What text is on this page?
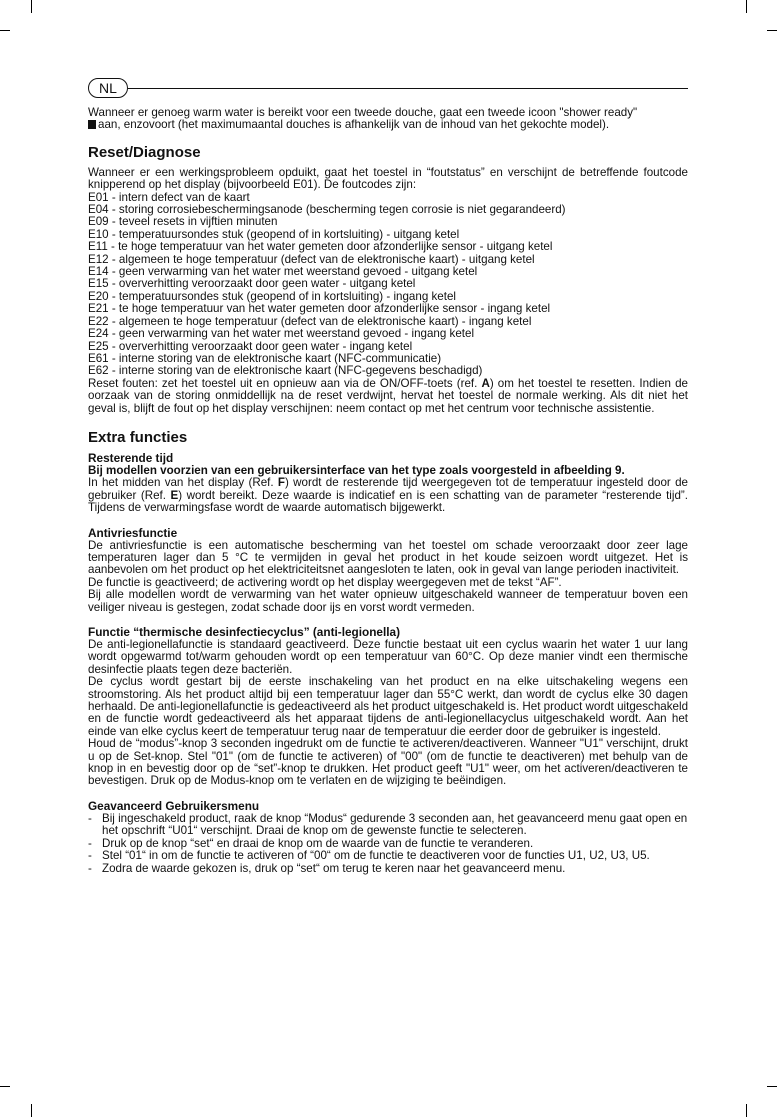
NL

Wanneer er genoeg warm water is bereikt voor een tweede douche, gaat een tweede icoon "shower ready"
aan, enzovoort (het maximumaantal douches is afhankelijk van de inhoud van het gekochte model).

Reset/Diagnose

Wanneer er een werkingsprobleem opduikt, gaat het toestel in “foutstatus” en verschijnt de betreffende foutcode knipperend op het display (bijvoorbeeld E01). De foutcodes zijn:

E01 - intern defect van de kaart
E04 - storing corrosiebeschermingsanode (bescherming tegen corrosie is niet gegarandeerd)
E09 - teveel resets in vijftien minuten
E10 - temperatuursondes stuk (geopend of in kortsluiting) - uitgang ketel
E11 - te hoge temperatuur van het water gemeten door afzonderlijke sensor - uitgang ketel
E12 - algemeen te hoge temperatuur (defect van de elektronische kaart) - uitgang ketel
E14 - geen verwarming van het water met weerstand gevoed - uitgang ketel
E15 - oververhitting veroorzaakt door geen water - uitgang ketel
E20 - temperatuursondes stuk (geopend of in kortsluiting) - ingang ketel
E21 - te hoge temperatuur van het water gemeten door afzonderlijke sensor - ingang ketel
E22 - algemeen te hoge temperatuur (defect van de elektronische kaart) - ingang ketel
E24 - geen verwarming van het water met weerstand gevoed - ingang ketel
E25 - oververhitting veroorzaakt door geen water - ingang ketel
E61 - interne storing van de elektronische kaart (NFC-communicatie)
E62 - interne storing van de elektronische kaart (NFC-gegevens beschadigd)

Reset fouten: zet het toestel uit en opnieuw aan via de ON/OFF-toets (ref. A) om het toestel te resetten. Indien de oorzaak van de storing onmiddellijk na de reset verdwijnt, hervat het toestel de normale werking. Als dit niet het geval is, blijft de fout op het display verschijnen: neem contact op met het centrum voor technische assistentie.

Extra functies
Resterende tijd

Bij modellen voorzien van een gebruikersinterface van het type zoals voorgesteld in afbeelding 9.

In het midden van het display (Ref. F) wordt de resterende tijd weergegeven tot de temperatuur ingesteld door de gebruiker (Ref. E) wordt bereikt. Deze waarde is indicatief en is een schatting van de parameter “resterende tijd”. Tijdens de verwarmingsfase wordt de waarde automatisch bijgewerkt.

Antivriesfunctie

De antivriesfunctie is een automatische bescherming van het toestel om schade veroorzaakt door zeer lage temperaturen lager dan 5 °C te vermijden in geval het product in het koude seizoen wordt uitgezet. Het is aanbevolen om het product op het elektriciteitsnet aangesloten te laten, ook in geval van lange perioden inactiviteit.

De functie is geactiveerd; de activering wordt op het display weergegeven met de tekst “AF”.

Bij alle modellen wordt de verwarming van het water opnieuw uitgeschakeld wanneer de temperatuur boven een veiliger niveau is gestegen, zodat schade door ijs en vorst wordt vermeden.

Functie “thermische desinfectiecyclus” (anti-legionella)

De anti-legionellafunctie is standaard geactiveerd. Deze functie bestaat uit een cyclus waarin het water 1 uur lang wordt opgewarmd tot/warm gehouden wordt op een temperatuur van 60°C. Op deze manier vindt een thermische desinfectie plaats tegen deze bacteriën.

De cyclus wordt gestart bij de eerste inschakeling van het product en na elke uitschakeling wegens een stroomstoring. Als het product altijd bij een temperatuur lager dan 55°C werkt, dan wordt de cyclus elke 30 dagen herhaald. De anti-legionellafunctie is gedeactiveerd als het product uitgeschakeld is. Het product wordt uitgeschakeld en de functie wordt gedeactiveerd als het apparaat tijdens de anti-legionellacyclus uitgeschakeld wordt. Aan het einde van elke cyclus keert de temperatuur terug naar de temperatuur die eerder door de gebruiker is ingesteld.

Houd de “modus”-knop 3 seconden ingedrukt om de functie te activeren/deactiveren. Wanneer "U1" verschijnt, drukt u op de Set-knop. Stel "01" (om de functie te activeren) of "00" (om de functie te deactiveren) met behulp van de knop in en bevestig door op de “set”-knop te drukken. Het product geeft "U1" weer, om het activeren/deactiveren te bevestigen. Druk op de Modus-knop om te verlaten en de wijziging te beëindigen.

Geavanceerd Gebruikersmenu
- Bij ingeschakeld product, raak de knop “Modus“ gedurende 3 seconden aan, het geavanceerd menu gaat open en het opschrift “U01“ verschijnt. Draai de knop om de gewenste functie te selecteren.
- Druk op de knop “set“ en draai de knop om de waarde van de functie te veranderen.
- Stel “01“ in om de functie te activeren of “00“ om de functie te deactiveren voor de functies U1, U2, U3, U5.
- Zodra de waarde gekozen is, druk op “set“ om terug te keren naar het geavanceerd menu.
